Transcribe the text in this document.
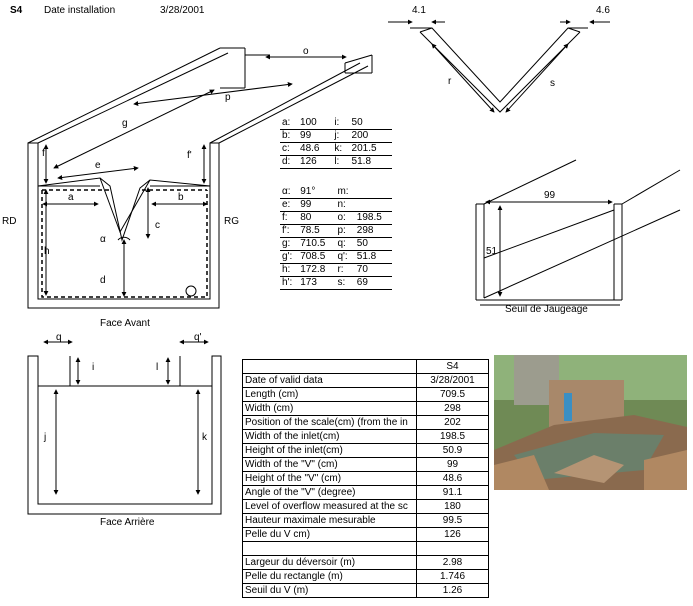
S4 Date installation	3/28/2001
RD	RG
f	f'
e
a	b
c
α
h
d
g
o
p
Face Avant
4.1	4.6
r	s
99
51
Seuil de Jaugeage
q	q'
i	l
j	k
Face Arrière
a:	100	i:	50
b:	99	j:	200
c:	48.6	k:	201.5
d:	126	l:	51.8
α:	91°	m:	
e:	99	n:	
f:	80	o:	198.5
f':	78.5	p:	298
g:	710.5	q:	50
g':	708.5	q':	51.8
h:	172.8	r:	70
h':	173	s:	69
	S4
Date of valid data	3/28/2001
Length (cm)	709.5
Width (cm)	298
Position of the scale(cm) (from the in	202
Width of the inlet(cm)	198.5
Height of the inlet(cm)	50.9
Width of the "V" (cm)	99
Height of the "V" (cm)	48.6
Angle of the "V" (degree)	91.1
Level of overflow measured at the sc	180
Hauteur maximale mesurable	99.5
Pelle du V cm)	126

Largeur du déversoir (m)	2.98
Pelle du rectangle (m)	1.746
Seuil du V (m)	1.26
